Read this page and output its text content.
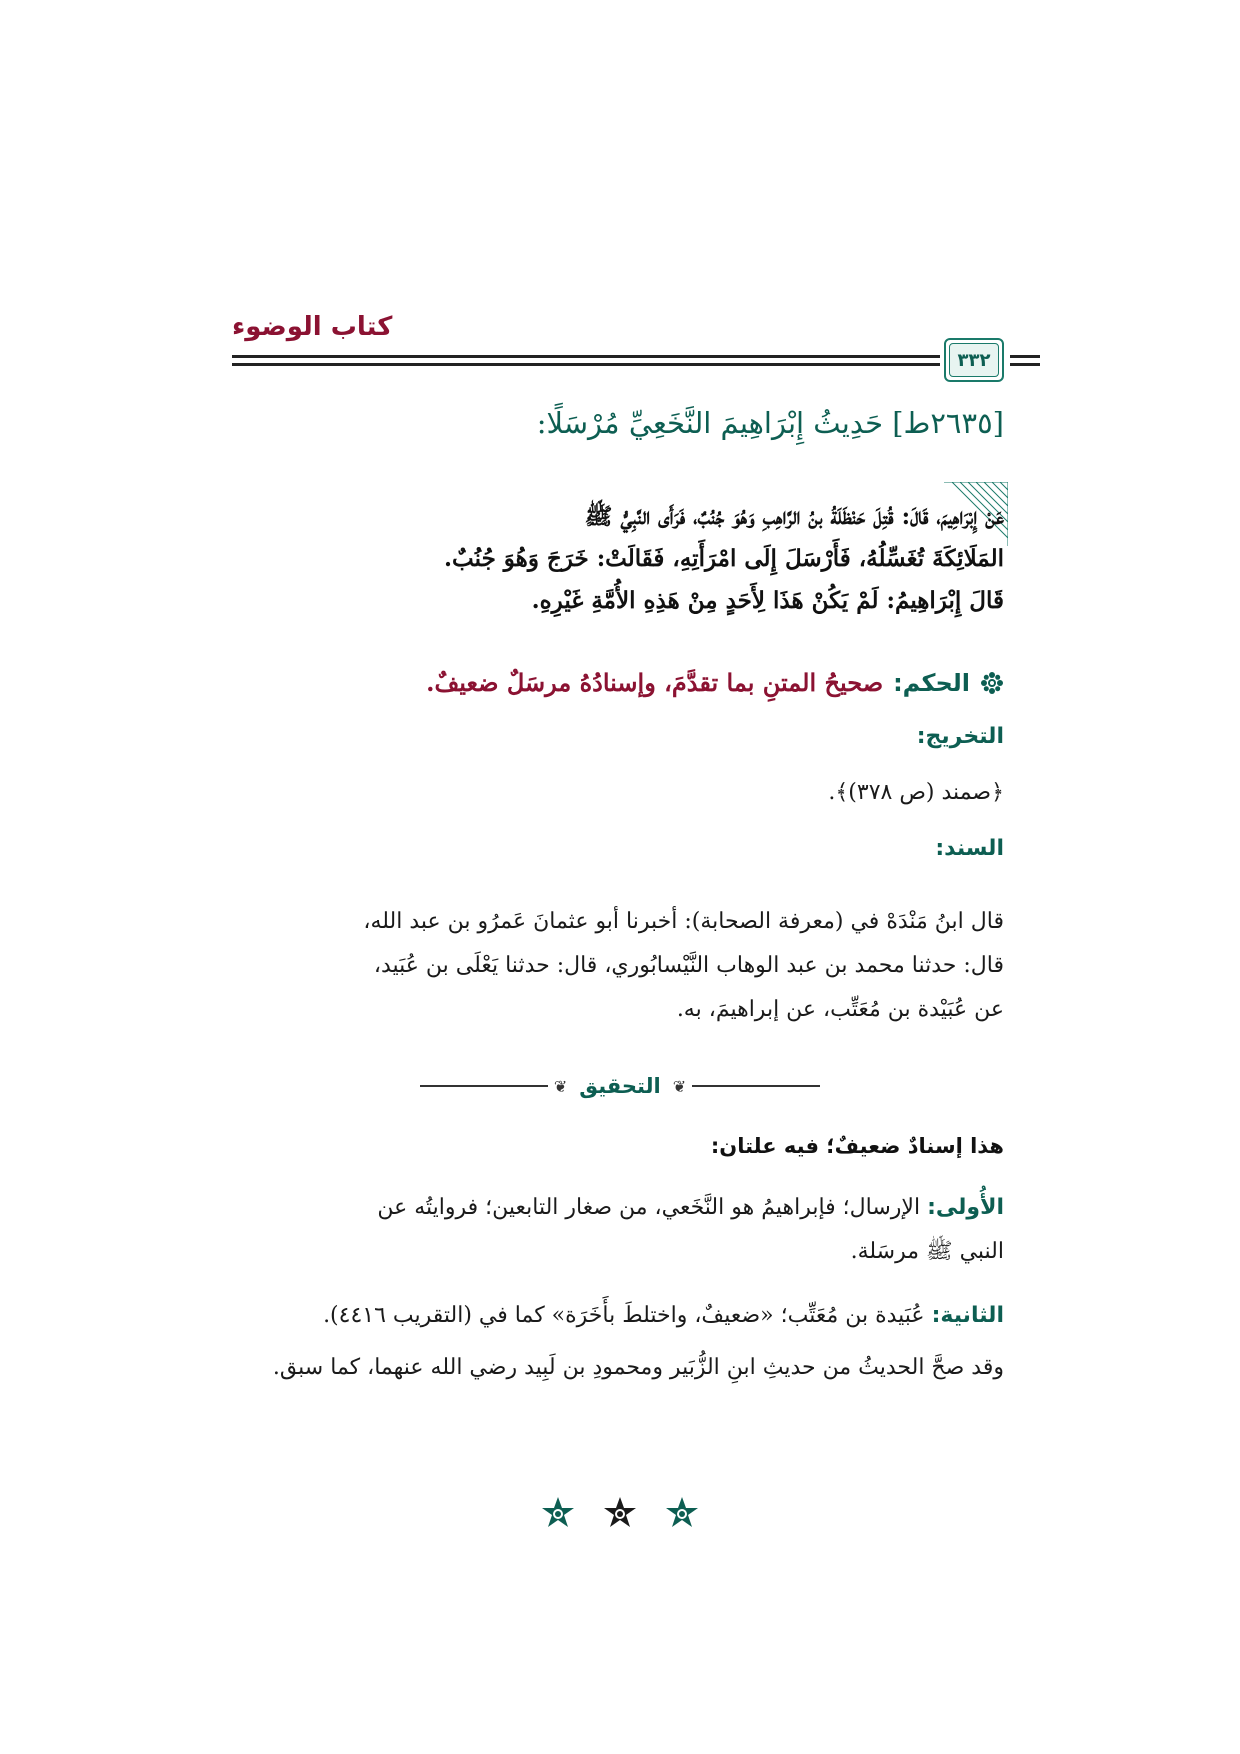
كتاب الوضوء
٣٣٢
[٢٦٣٥ط] حَدِيثُ إِبْرَاهِيمَ النَّخَعِيِّ مُرْسَلًا:

عَنْ إِبْرَاهِيمَ، قَالَ: قُتِلَ حَنْظَلَةُ بنُ الرَّاهِبِ وَهُوَ جُنُبٌ، فَرَأَى النَّبِيُّ ﷺ

المَلَائِكَةَ تُغَسِّلُهُ، فَأَرْسَلَ إِلَى امْرَأَتِهِ، فَقَالَتْ: خَرَجَ وَهُوَ جُنُبٌ.

قَالَ إِبْرَاهِيمُ: لَمْ يَكُنْ هَذَا لِأَحَدٍ مِنْ هَذِهِ الأُمَّةِ غَيْرِهِ.

الحكم:
صحيحُ المتنِ بما تقدَّمَ، وإسنادُهُ مرسَلٌ ضعيفٌ.
التخريج:
﴿صمند (ص ٣٧٨)﴾.
السند:

قال ابنُ مَنْدَهْ في (معرفة الصحابة): أخبرنا أبو عثمانَ عَمرُو بن عبد الله،

قال: حدثنا محمد بن عبد الوهاب النَّيْسابُوري، قال: حدثنا يَعْلَى بن عُبَيد،

عن عُبَيْدة بن مُعَتِّب، عن إبراهيمَ، به.

❦
التحقيق
❦
هذا إسنادٌ ضعيفٌ؛ فيه علتان:

الأُولى: الإرسال؛ فإبراهيمُ هو النَّخَعي، من صغار التابعين؛ فروايتُه عن

النبي ﷺ مرسَلة.

الثانية: عُبَيدة بن مُعَتِّب؛ «ضعيفٌ، واختلطَ بأَخَرَة» كما في (التقريب ٤٤١٦).

وقد صحَّ الحديثُ من حديثِ ابنِ الزُّبَير ومحمودِ بن لَبِيد رضي الله عنهما، كما سبق.
